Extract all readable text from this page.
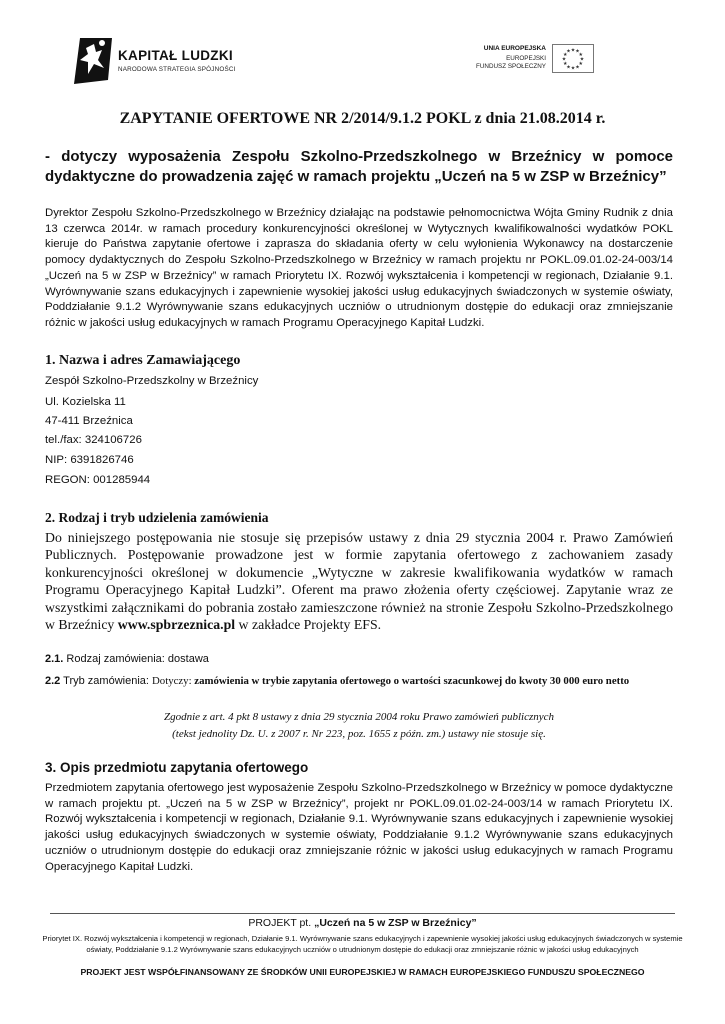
KAPITAŁ LUDZKI
NARODOWA STRATEGIA SPÓJNOŚCI
UNIA EUROPEJSKA
EUROPEJSKI
FUNDUSZ SPOŁECZNY
★
★
★
★
★
★
★
★
★ ★ ★
★
ZAPYTANIE OFERTOWE NR 2/2014/9.1.2 POKL z dnia 21.08.2014 r.
- dotyczy wyposażenia Zespołu Szkolno-Przedszkolnego w Brzeźnicy w pomoce dydaktyczne do prowadzenia zajęć w ramach projektu „Uczeń na 5 w ZSP w Brzeźnicy”
Dyrektor Zespołu Szkolno-Przedszkolnego w Brzeźnicy działając na podstawie pełnomocnictwa Wójta Gminy Rudnik z dnia 13 czerwca 2014r. w ramach procedury konkurencyjności określonej w Wytycznych kwalifikowalności wydatków POKL kieruje do Państwa zapytanie ofertowe i zaprasza do składania oferty w celu wyłonienia Wykonawcy na dostarczenie pomocy dydaktycznych do Zespołu Szkolno-Przedszkolnego w Brzeźnicy w ramach projektu nr POKL.09.01.02-24-003/14 „Uczeń na 5 w ZSP w Brzeźnicy” w ramach Priorytetu IX. Rozwój wykształcenia i kompetencji w regionach, Działanie 9.1. Wyrównywanie szans edukacyjnych i zapewnienie wysokiej jakości usług edukacyjnych świadczonych w systemie oświaty, Poddziałanie 9.1.2 Wyrównywanie szans edukacyjnych uczniów o utrudnionym dostępie do edukacji oraz zmniejszanie różnic w jakości usług edukacyjnych w ramach Programu Operacyjnego Kapitał Ludzki.
1. Nazwa i adres Zamawiającego
Zespół Szkolno-Przedszkolny w Brzeźnicy
Ul. Kozielska 11
47-411 Brzeźnica
tel./fax: 324106726
NIP: 6391826746
REGON: 001285944
2. Rodzaj i tryb udzielenia zamówienia
Do niniejszego postępowania nie stosuje się przepisów ustawy z dnia 29 stycznia 2004 r. Prawo Zamówień Publicznych. Postępowanie prowadzone jest w formie zapytania ofertowego z zachowaniem zasady konkurencyjności określonej w dokumencie „Wytyczne w zakresie kwalifikowania wydatków w ramach Programu Operacyjnego Kapitał Ludzki”. Oferent ma prawo złożenia oferty częściowej. Zapytanie wraz ze wszystkimi załącznikami do pobrania zostało zamieszczone również na stronie Zespołu Szkolno-Przedszkolnego w Brzeźnicy www.spbrzeznica.pl w zakładce Projekty EFS.
2.1. Rodzaj zamówienia: dostawa
2.2 Tryb zamówienia: Dotyczy: zamówienia w trybie zapytania ofertowego o wartości szacunkowej do kwoty 30 000 euro netto
Zgodnie z art. 4 pkt 8 ustawy z dnia 29 stycznia 2004 roku Prawo zamówień publicznych
(tekst jednolity Dz. U. z 2007 r. Nr 223, poz. 1655 z późn. zm.) ustawy nie stosuje się.
3. Opis przedmiotu zapytania ofertowego
Przedmiotem zapytania ofertowego jest wyposażenie Zespołu Szkolno-Przedszkolnego w Brzeźnicy w pomoce dydaktyczne w ramach projektu pt. „Uczeń na 5 w ZSP w Brzeźnicy”, projekt nr POKL.09.01.02-24-003/14 w ramach Priorytetu IX. Rozwój wykształcenia i kompetencji w regionach, Działanie 9.1. Wyrównywanie szans edukacyjnych i zapewnienie wysokiej jakości usług edukacyjnych świadczonych w systemie oświaty, Poddziałanie 9.1.2 Wyrównywanie szans edukacyjnych uczniów o utrudnionym dostępie do edukacji oraz zmniejszanie różnic w jakości usług edukacyjnych w ramach Programu Operacyjnego Kapitał Ludzki.
PROJEKT pt. „Uczeń na 5 w ZSP w Brzeźnicy”
Priorytet IX. Rozwój wykształcenia i kompetencji w regionach, Działanie 9.1. Wyrównywanie szans edukacyjnych i zapewnienie wysokiej jakości usług edukacyjnych świadczonych w systemie oświaty, Poddziałanie 9.1.2 Wyrównywanie szans edukacyjnych uczniów o utrudnionym dostępie do edukacji oraz zmniejszanie różnic w jakości usług edukacyjnych
PROJEKT JEST WSPÓŁFINANSOWANY ZE ŚRODKÓW UNII EUROPEJSKIEJ W RAMACH EUROPEJSKIEGO FUNDUSZU SPOŁECZNEGO
